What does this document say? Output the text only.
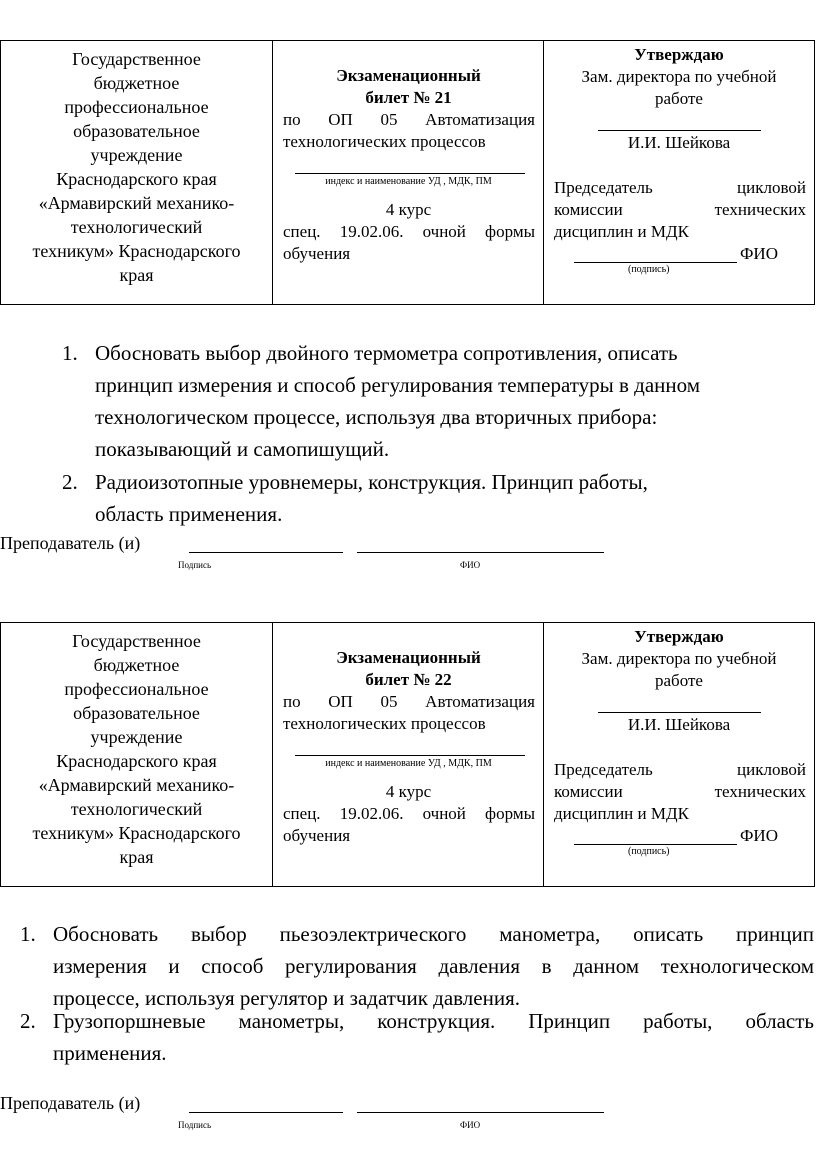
Государственное
бюджетное
профессиональное
образовательное
учреждение
Краснодарского края
«Армавирский механико-
технологический
техникум» Краснодарского
края
Экзаменационный
билет № 21
по ОП 05 Автоматизация
технологических процессов
индекс и наименование УД , МДК, ПМ
4 курс
спец. 19.02.06. очной формы
обучения
Утверждаю
Зам. директора по учебной
работе
И.И. Шейкова
Председатель цикловой
комиссии технических
дисциплин и МДК
ФИО
(подпись)
1. Обосновать выбор двойного термометра сопротивления, описать
принцип измерения и способ регулирования температуры в данном
технологическом процессе, используя два вторичных прибора:
показывающий и самопишущий.
2. Радиоизотопные уровнемеры, конструкция. Принцип работы,
область применения.
Преподаватель (и)
Подпись	ФИО
Государственное
бюджетное
профессиональное
образовательное
учреждение
Краснодарского края
«Армавирский механико-
технологический
техникум» Краснодарского
края
Экзаменационный
билет № 22
по ОП 05 Автоматизация
технологических процессов
индекс и наименование УД , МДК, ПМ
4 курс
спец. 19.02.06. очной формы
обучения
Утверждаю
Зам. директора по учебной
работе
И.И. Шейкова
Председатель цикловой
комиссии технических
дисциплин и МДК
ФИО
(подпись)
1. Обосновать выбор пьезоэлектрического манометра, описать принцип
измерения и способ регулирования давления в данном технологическом
процессе, используя регулятор и задатчик давления.
2. Грузопоршневые манометры, конструкция. Принцип работы, область
применения.
Преподаватель (и)
Подпись	ФИО
